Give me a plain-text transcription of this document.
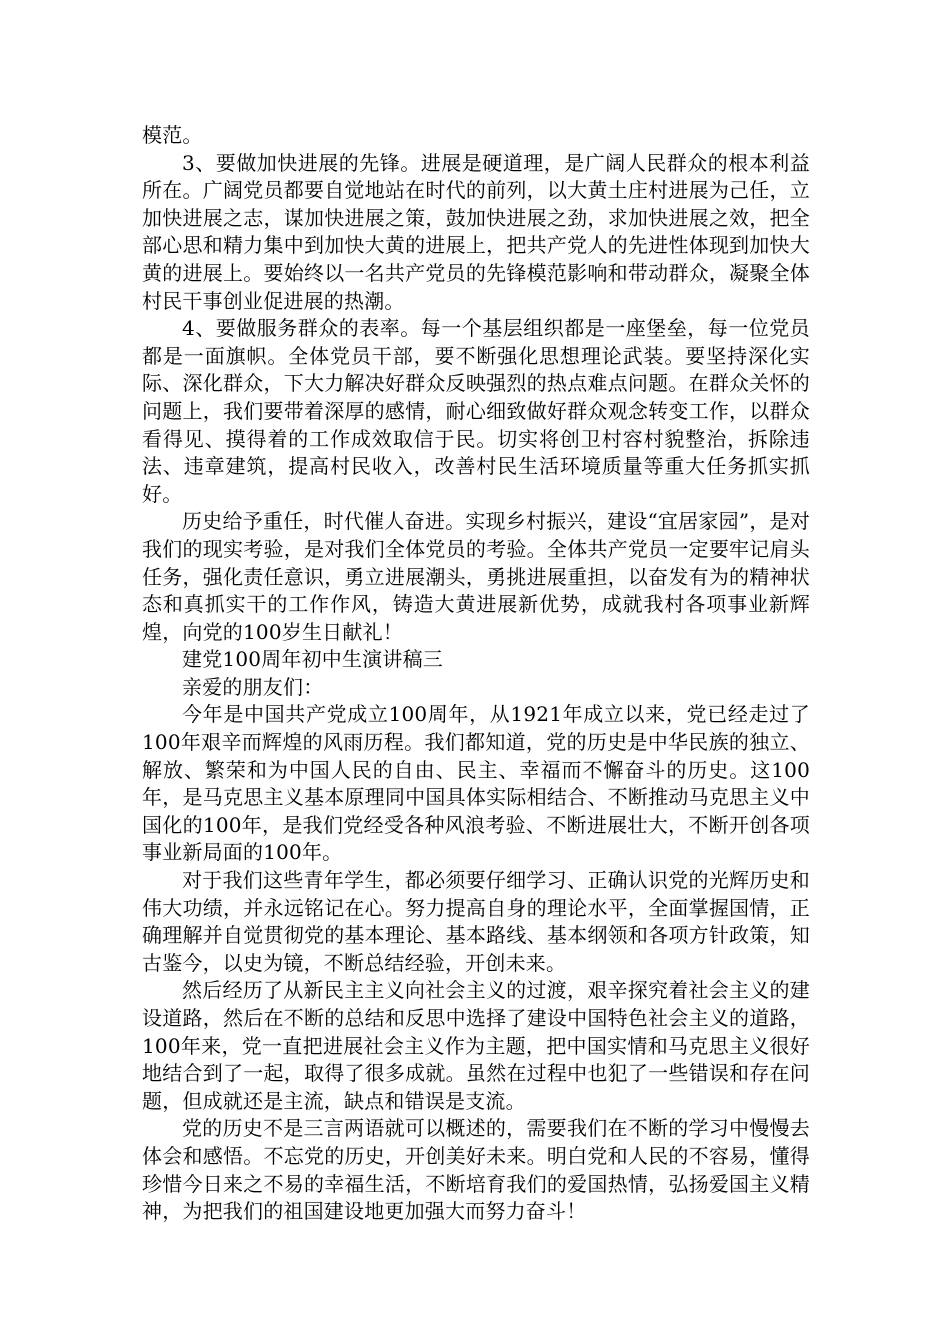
模范。

3、要做加快进展的先锋。进展是硬道理，是广阔人民群众的根本利益所在。广阔党员都要自觉地站在时代的前列，以大黄土庄村进展为己任，立加快进展之志，谋加快进展之策，鼓加快进展之劲，求加快进展之效，把全部心思和精力集中到加快大黄的进展上，把共产党人的先进性体现到加快大黄的进展上。要始终以一名共产党员的先锋模范影响和带动群众，凝聚全体村民干事创业促进展的热潮。

4、要做服务群众的表率。每一个基层组织都是一座堡垒，每一位党员都是一面旗帜。全体党员干部，要不断强化思想理论武装。要坚持深化实际、深化群众，下大力解决好群众反映强烈的热点难点问题。在群众关怀的问题上，我们要带着深厚的感情，耐心细致做好群众观念转变工作，以群众看得见、摸得着的工作成效取信于民。切实将创卫村容村貌整治，拆除违法、违章建筑，提高村民收入，改善村民生活环境质量等重大任务抓实抓好。

历史给予重任，时代催人奋进。实现乡村振兴，建设“宜居家园”，是对我们的现实考验，是对我们全体党员的考验。全体共产党员一定要牢记肩头任务，强化责任意识，勇立进展潮头，勇挑进展重担，以奋发有为的精神状态和真抓实干的工作作风，铸造大黄进展新优势，成就我村各项事业新辉煌，向党的100岁生日献礼！

建党100周年初中生演讲稿三

亲爱的朋友们：

今年是中国共产党成立100周年，从1921年成立以来，党已经走过了100年艰辛而辉煌的风雨历程。我们都知道，党的历史是中华民族的独立、解放、繁荣和为中国人民的自由、民主、幸福而不懈奋斗的历史。这100年，是马克思主义基本原理同中国具体实际相结合、不断推动马克思主义中国化的100年，是我们党经受各种风浪考验、不断进展壮大，不断开创各项事业新局面的100年。

对于我们这些青年学生，都必须要仔细学习、正确认识党的光辉历史和伟大功绩，并永远铭记在心。努力提高自身的理论水平，全面掌握国情，正确理解并自觉贯彻党的基本理论、基本路线、基本纲领和各项方针政策，知古鉴今，以史为镜，不断总结经验，开创未来。

然后经历了从新民主主义向社会主义的过渡，艰辛探究着社会主义的建设道路，然后在不断的总结和反思中选择了建设中国特色社会主义的道路，100年来，党一直把进展社会主义作为主题，把中国实情和马克思主义很好地结合到了一起，取得了很多成就。虽然在过程中也犯了一些错误和存在问题，但成就还是主流，缺点和错误是支流。

党的历史不是三言两语就可以概述的，需要我们在不断的学习中慢慢去体会和感悟。不忘党的历史，开创美好未来。明白党和人民的不容易，懂得珍惜今日来之不易的幸福生活，不断培育我们的爱国热情，弘扬爱国主义精神，为把我们的祖国建设地更加强大而努力奋斗！
